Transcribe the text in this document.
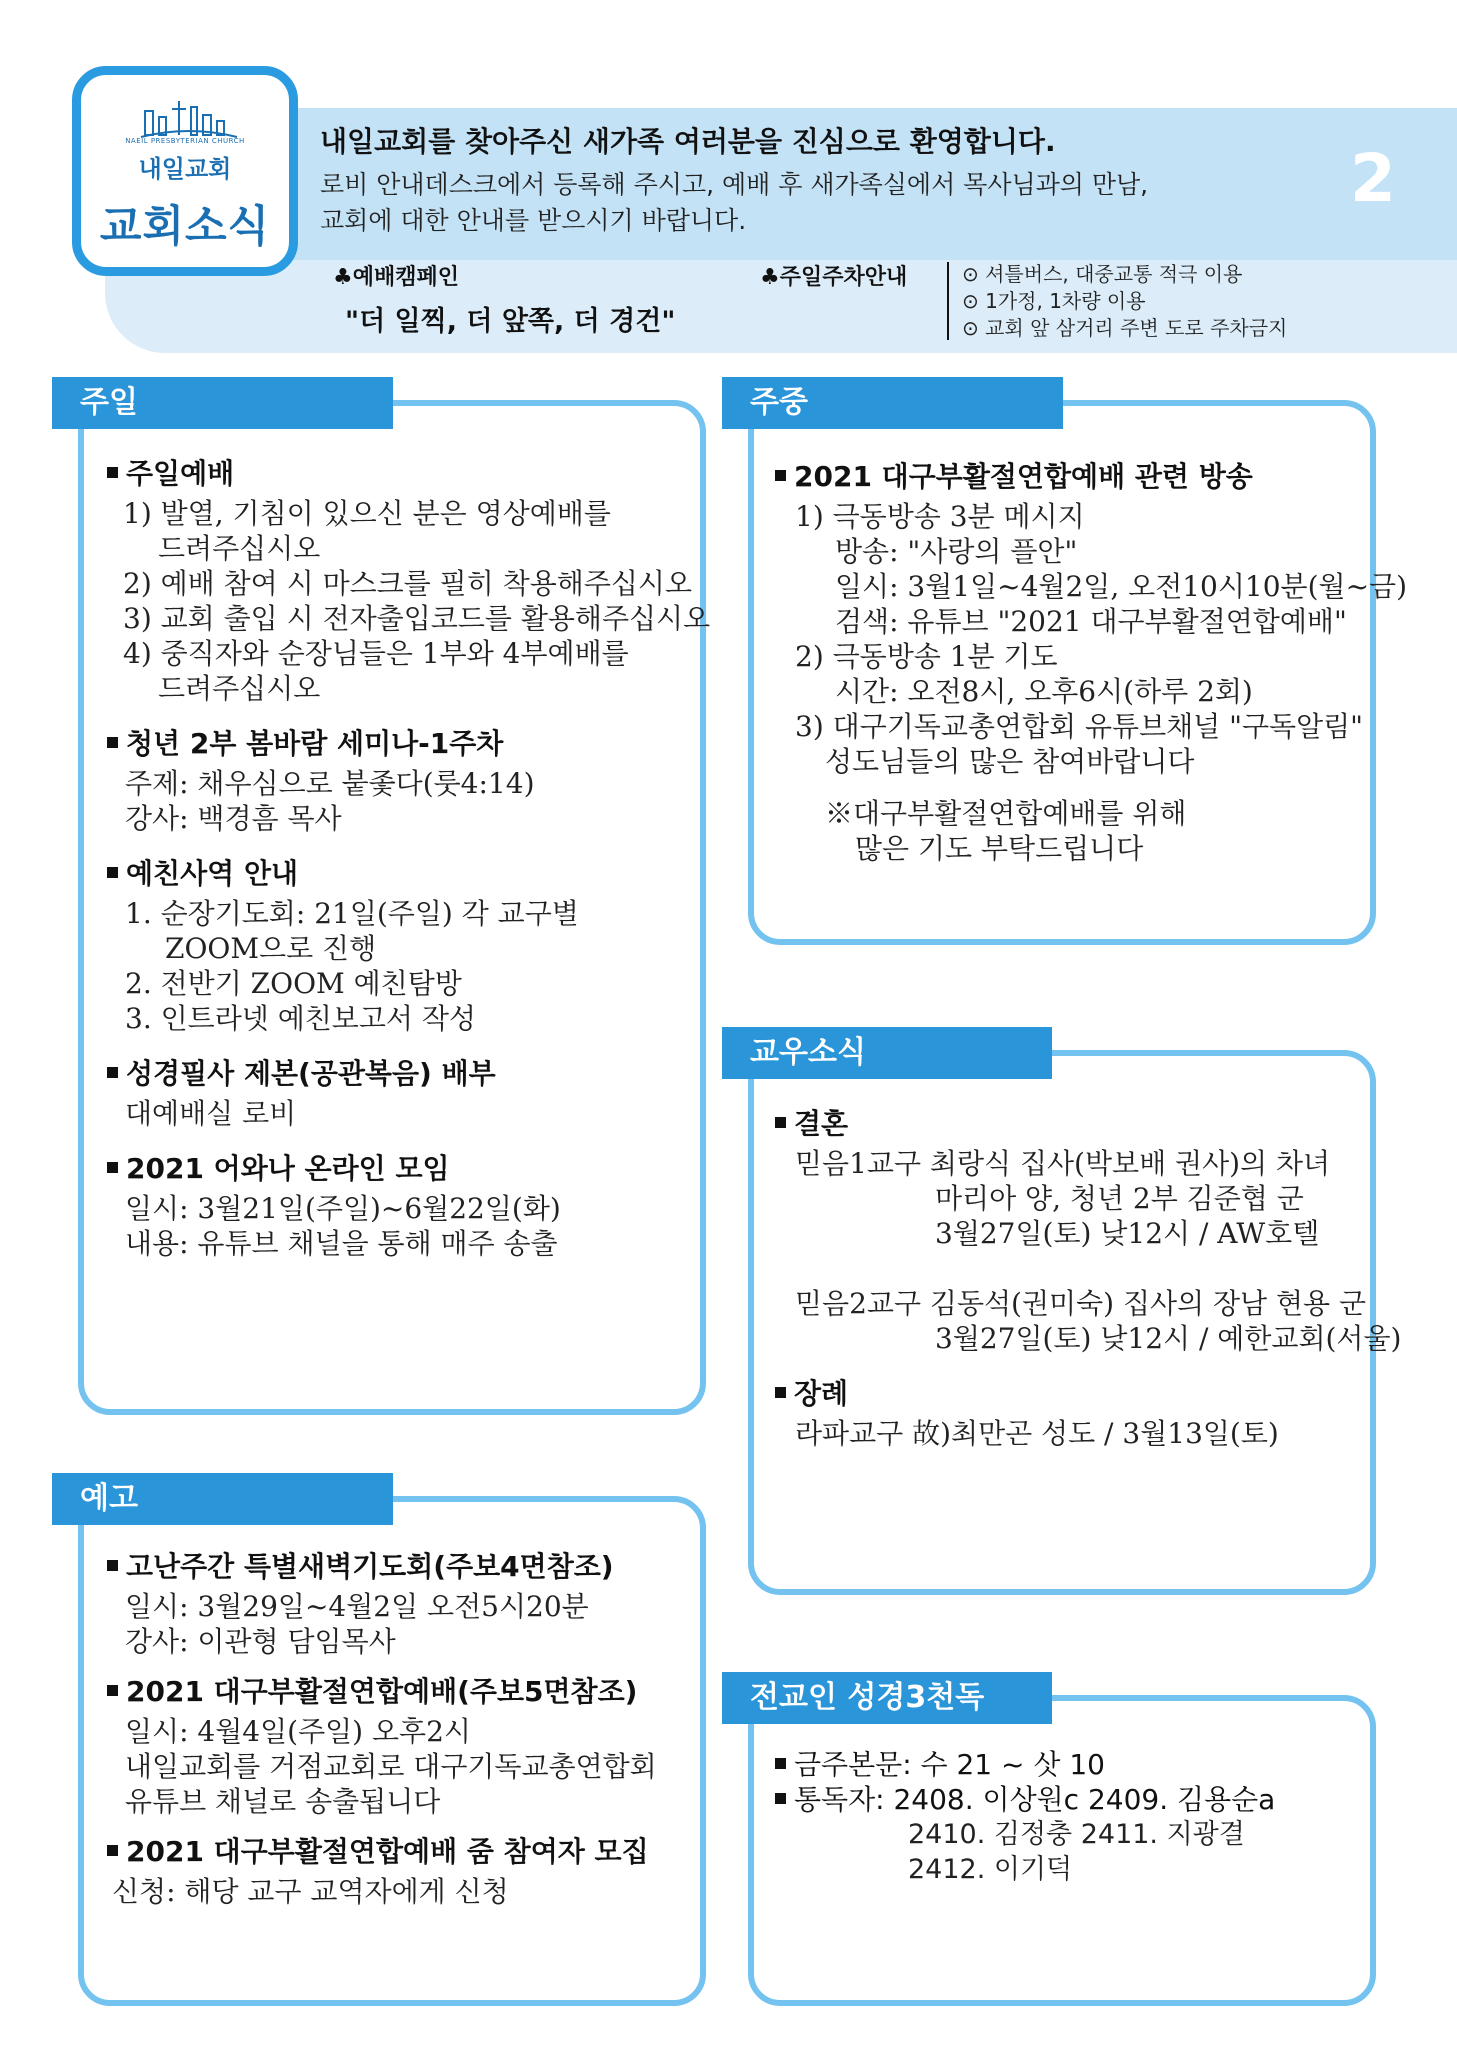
NAEIL PRESBYTERIAN CHURCH
내일교회
교회소식
내일교회를 찾아주신 새가족 여러분을 진심으로 환영합니다.
로비 안내데스크에서 등록해 주시고, 예배 후 새가족실에서 목사님과의 만남,
교회에 대한 안내를 받으시기 바랍니다.
2
♣예배캠페인
"더 일찍, 더 앞쪽, 더 경건"
♣주일주차안내	⊙ 셔틀버스, 대중교통 적극 이용
⊙ 1가정, 1차량 이용
⊙ 교회 앞 삼거리 주변 도로 주차금지
주일
주일예배
1) 발열, 기침이 있으신 분은 영상예배를
드려주십시오
2) 예배 참여 시 마스크를 필히 착용해주십시오
3) 교회 출입 시 전자출입코드를 활용해주십시오
4) 중직자와 순장님들은 1부와 4부예배를
드려주십시오
청년 2부 봄바람 세미나-1주차
주제: 채우심으로 붙좇다(룻4:14)
강사: 백경흠 목사
예친사역 안내
1. 순장기도회: 21일(주일) 각 교구별
ZOOM으로 진행
2. 전반기 ZOOM 예친탐방
3. 인트라넷 예친보고서 작성
성경필사 제본(공관복음) 배부
대예배실 로비
2021 어와나 온라인 모임
일시: 3월21일(주일)~6월22일(화)
내용: 유튜브 채널을 통해 매주 송출
주중
2021 대구부활절연합예배 관련 방송
1) 극동방송 3분 메시지
방송: "사랑의 플안"
일시: 3월1일~4월2일, 오전10시10분(월~금)
검색: 유튜브 "2021 대구부활절연합예배"
2) 극동방송 1분 기도
시간: 오전8시, 오후6시(하루 2회)
3) 대구기독교총연합회 유튜브채널 "구독알림"
성도님들의 많은 참여바랍니다
※대구부활절연합예배를 위해
많은 기도 부탁드립니다
교우소식
결혼
믿음1교구 최랑식 집사(박보배 권사)의 차녀
마리아 양, 청년 2부 김준협 군
3월27일(토) 낮12시 / AW호텔
믿음2교구 김동석(권미숙) 집사의 장남 현용 군
3월27일(토) 낮12시 / 예한교회(서울)
장례
라파교구 故)최만곤 성도 / 3월13일(토)
예고
고난주간 특별새벽기도회(주보4면참조)
일시: 3월29일~4월2일 오전5시20분
강사: 이관형 담임목사
2021 대구부활절연합예배(주보5면참조)
일시: 4월4일(주일) 오후2시
내일교회를 거점교회로 대구기독교총연합회
유튜브 채널로 송출됩니다
2021 대구부활절연합예배 줌 참여자 모집
신청: 해당 교구 교역자에게 신청
전교인 성경3천독
금주본문: 수 21 ~ 삿 10
통독자: 2408. 이상원c 2409. 김용순a
2410. 김정충 2411. 지광결
2412. 이기덕
